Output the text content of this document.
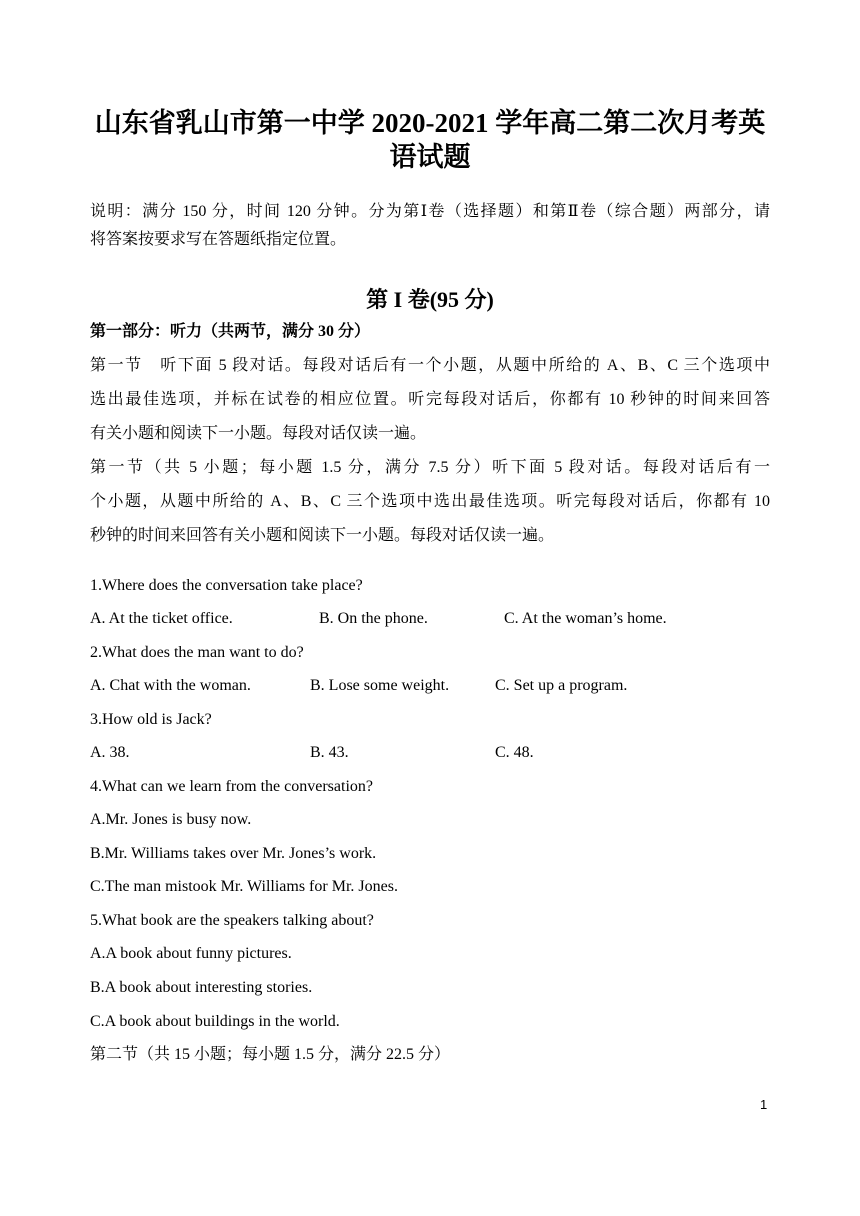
山东省乳山市第一中学 2020-2021 学年高二第二次月考英
语试题
说明：满分 150 分，时间 120 分钟。分为第Ⅰ卷（选择题）和第Ⅱ卷（综合题）两部分，请
将答案按要求写在答题纸指定位置。
第 I 卷(95 分)
第一部分：听力（共两节，满分 30 分）
第一节　听下面 5 段对话。每段对话后有一个小题，从题中所给的 A、B、C 三个选项中
选出最佳选项，并标在试卷的相应位置。听完每段对话后，你都有 10 秒钟的时间来回答
有关小题和阅读下一小题。每段对话仅读一遍。
第一节（共 5 小题；每小题 1.5 分，满分 7.5 分）听下面 5 段对话。每段对话后有一
个小题，从题中所给的 A、B、C 三个选项中选出最佳选项。听完每段对话后，你都有 10
秒钟的时间来回答有关小题和阅读下一小题。每段对话仅读一遍。
1.Where does the conversation take place?
A. At the ticket office.	B. On the phone.	C. At the woman’s home.
2.What does the man want to do?
A. Chat with the woman.	B. Lose some weight.	C. Set up a program.
3.How old is Jack?
A. 38.	B. 43.	C. 48.
4.What can we learn from the conversation?
A.Mr. Jones is busy now.
B.Mr. Williams takes over Mr. Jones’s work.
C.The man mistook Mr. Williams for Mr. Jones.
5.What book are the speakers talking about?
A.A book about funny pictures.
B.A book about interesting stories.
C.A book about buildings in the world.
第二节（共 15 小题；每小题 1.5 分，满分 22.5 分）
1
